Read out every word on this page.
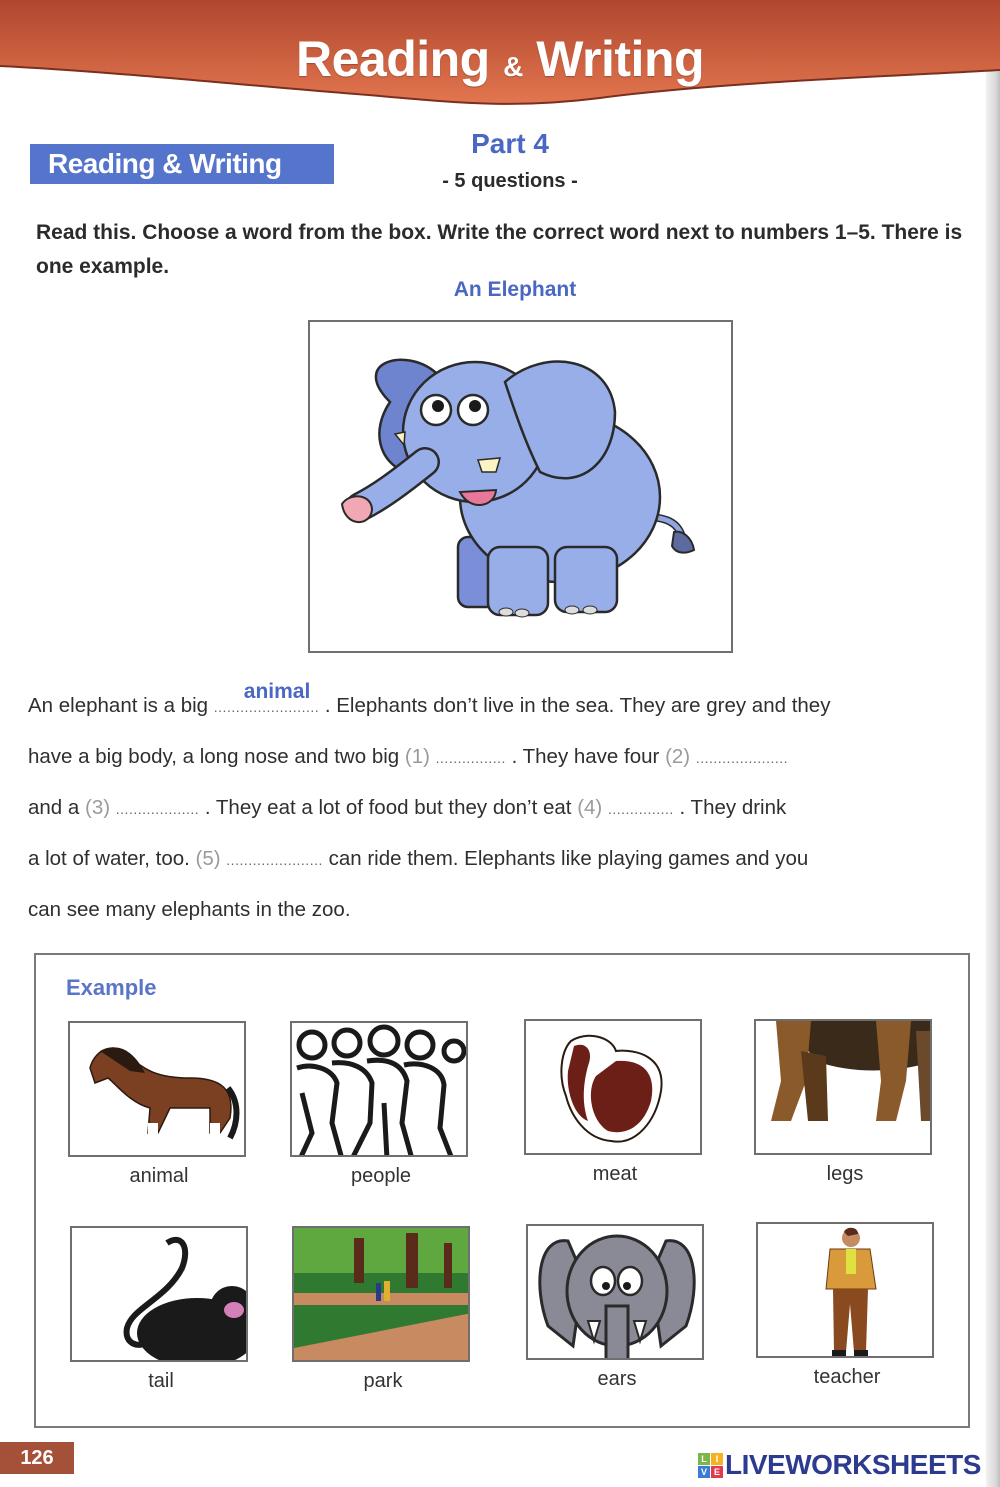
Reading & Writing
Reading & Writing
Part 4
- 5 questions -
Read this. Choose a word from the box. Write the correct word next to numbers 1–5. There is one example.
An Elephant
An elephant is a big ........................
animal
. Elephants don’t live in the sea. They are grey and they
have a big body, a long nose and two big (1) ................ . They have four (2) .....................
and a (3) ................... . They eat a lot of food but they don’t eat (4) ............... . They drink
a lot of water, too. (5) ...................... can ride them. Elephants like playing games and you
can see many elephants in the zoo.
Example
animal	people	meat	legs
tail	park	ears	teacher
126	L I
V E LIVEWORKSHEETS
